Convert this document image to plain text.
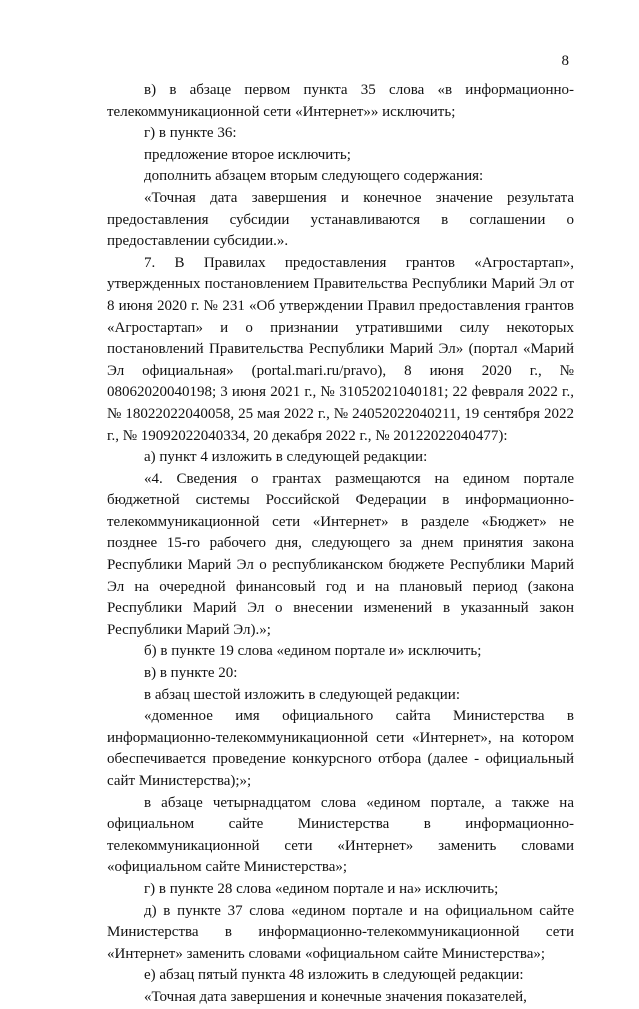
8

в) в абзаце первом пункта 35 слова «в информационно-телекоммуникационной сети «Интернет»» исключить;

г) в пункте 36:

предложение второе исключить;

дополнить абзацем вторым следующего содержания:

«Точная дата завершения и конечное значение результата предоставления субсидии устанавливаются в соглашении о предоставлении субсидии.».

7. В Правилах предоставления грантов «Агростартап», утвержденных постановлением Правительства Республики Марий Эл от 8 июня 2020 г. № 231 «Об утверждении Правил предоставления грантов «Агростартап» и о признании утратившими силу некоторых постановлений Правительства Республики Марий Эл» (портал «Марий Эл официальная» (portal.mari.ru/pravo), 8 июня 2020 г., № 08062020040198; 3 июня 2021 г., № 31052021040181; 22 февраля 2022 г., № 18022022040058, 25 мая 2022 г., № 24052022040211, 19 сентября 2022 г., № 19092022040334, 20 декабря 2022 г., № 20122022040477):

а) пункт 4 изложить в следующей редакции:

«4. Сведения о грантах размещаются на едином портале бюджетной системы Российской Федерации в информационно-телекоммуникационной сети «Интернет» в разделе «Бюджет» не позднее 15-го рабочего дня, следующего за днем принятия закона Республики Марий Эл о республиканском бюджете Республики Марий Эл на очередной финансовый год и на плановый период (закона Республики Марий Эл о внесении изменений в указанный закон Республики Марий Эл).»;

б) в пункте 19 слова «едином портале и» исключить;

в) в пункте 20:

в абзац шестой изложить в следующей редакции:

«доменное имя официального сайта Министерства в информационно-телекоммуникационной сети «Интернет», на котором обеспечивается проведение конкурсного отбора (далее - официальный сайт Министерства);»;

в абзаце четырнадцатом слова «едином портале, а также на официальном сайте Министерства в информационно-телекоммуникационной сети «Интернет» заменить словами «официальном сайте Министерства»;

г) в пункте 28 слова «едином портале и на» исключить;

д) в пункте 37 слова «едином портале и на официальном сайте Министерства в информационно-телекоммуникационной сети «Интернет» заменить словами «официальном сайте Министерства»;

е) абзац пятый пункта 48 изложить в следующей редакции:

«Точная дата завершения и конечные значения показателей,
